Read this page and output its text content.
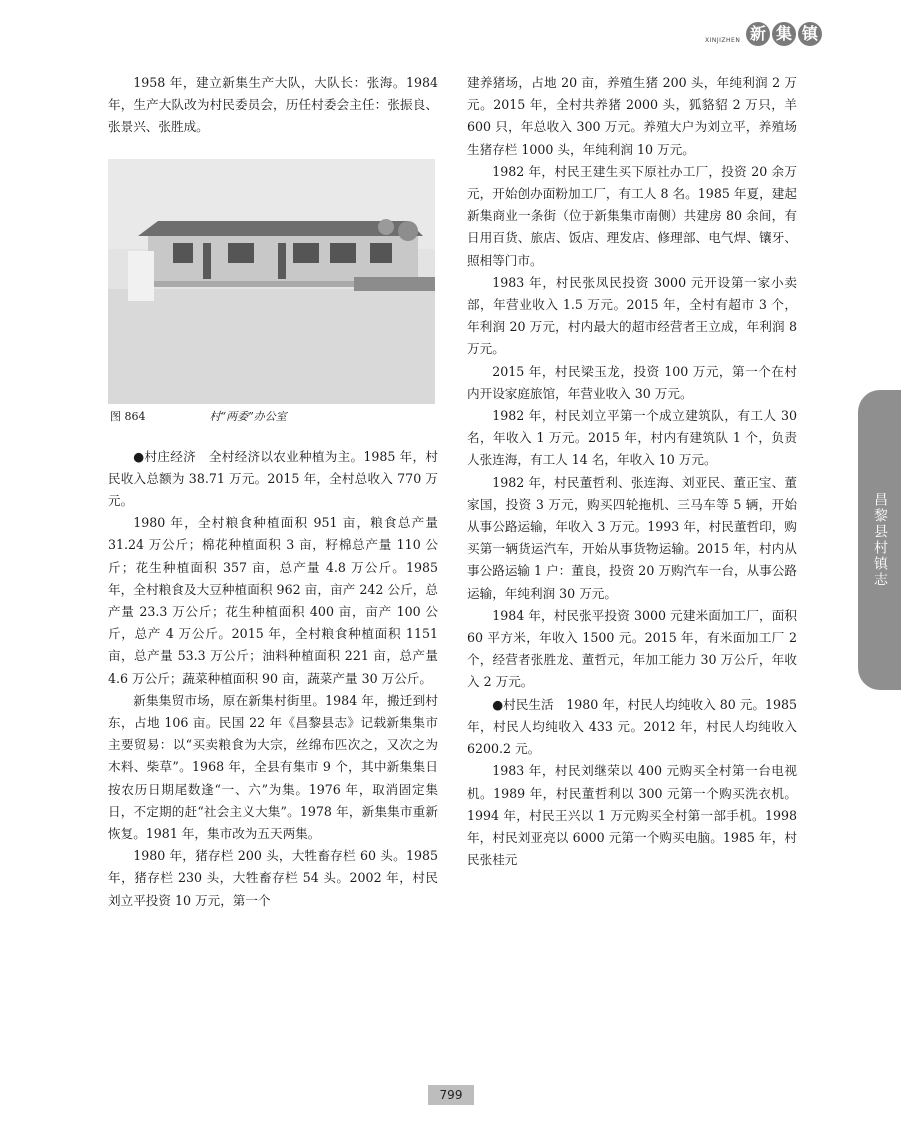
XINJIZHEN 新 集 镇

1958 年，建立新集生产大队，大队长：张海。1984 年，生产大队改为村民委员会，历任村委会主任：张振良、张景兴、张胜成。

图 864	村“两委”办公室

●村庄经济　全村经济以农业种植为主。1985 年，村民收入总额为 38.71 万元。2015 年，全村总收入 770 万元。

1980 年，全村粮食种植面积 951 亩，粮食总产量 31.24 万公斤；棉花种植面积 3 亩，籽棉总产量 110 公斤；花生种植面积 357 亩，总产量 4.8 万公斤。1985 年，全村粮食及大豆种植面积 962 亩，亩产 242 公斤，总产量 23.3 万公斤；花生种植面积 400 亩，亩产 100 公斤，总产 4 万公斤。2015 年，全村粮食种植面积 1151 亩，总产量 53.3 万公斤；油料种植面积 221 亩，总产量 4.6 万公斤；蔬菜种植面积 90 亩，蔬菜产量 30 万公斤。

新集集贸市场，原在新集村街里。1984 年，搬迁到村东，占地 106 亩。民国 22 年《昌黎县志》记载新集集市主要贸易：以“买卖粮食为大宗，丝绵布匹次之，又次之为木料、柴草”。1968 年，全县有集市 9 个，其中新集集日按农历日期尾数逢“一、六”为集。1976 年，取消固定集日，不定期的赶“社会主义大集”。1978 年，新集集市重新恢复。1981 年，集市改为五天两集。

1980 年，猪存栏 200 头，大牲畜存栏 60 头。1985 年，猪存栏 230 头，大牲畜存栏 54 头。2002 年，村民刘立平投资 10 万元，第一个

建养猪场，占地 20 亩，养殖生猪 200 头，年纯利润 2 万元。2015 年，全村共养猪 2000 头，狐貉貂 2 万只，羊 600 只，年总收入 300 万元。养殖大户为刘立平，养殖场生猪存栏 1000 头，年纯利润 10 万元。

1982 年，村民王建生买下原社办工厂，投资 20 余万元，开始创办面粉加工厂，有工人 8 名。1985 年夏，建起新集商业一条街（位于新集集市南侧）共建房 80 余间，有日用百货、旅店、饭店、理发店、修理部、电气焊、镶牙、照相等门市。

1983 年，村民张凤民投资 3000 元开设第一家小卖部，年营业收入 1.5 万元。2015 年，全村有超市 3 个，年利润 20 万元，村内最大的超市经营者王立成，年利润 8 万元。

2015 年，村民梁玉龙，投资 100 万元，第一个在村内开设家庭旅馆，年营业收入 30 万元。

1982 年，村民刘立平第一个成立建筑队，有工人 30 名，年收入 1 万元。2015 年，村内有建筑队 1 个，负责人张连海，有工人 14 名，年收入 10 万元。

1982 年，村民董哲利、张连海、刘亚民、董正宝、董家国，投资 3 万元，购买四轮拖机、三马车等 5 辆，开始从事公路运输，年收入 3 万元。1993 年，村民董哲印，购买第一辆货运汽车，开始从事货物运输。2015 年，村内从事公路运输 1 户：董良，投资 20 万购汽车一台，从事公路运输，年纯利润 30 万元。

1984 年，村民张平投资 3000 元建米面加工厂，面积 60 平方米，年收入 1500 元。2015 年，有米面加工厂 2 个，经营者张胜龙、董哲元，年加工能力 30 万公斤，年收入 2 万元。

●村民生活　1980 年，村民人均纯收入 80 元。1985 年，村民人均纯收入 433 元。2012 年，村民人均纯收入 6200.2 元。

1983 年，村民刘继荣以 400 元购买全村第一台电视机。1989 年，村民董哲利以 300 元第一个购买洗衣机。1994 年，村民王兴以 1 万元购买全村第一部手机。1998 年，村民刘亚亮以 6000 元第一个购买电脑。1985 年，村民张桂元

昌黎县村镇志
799
